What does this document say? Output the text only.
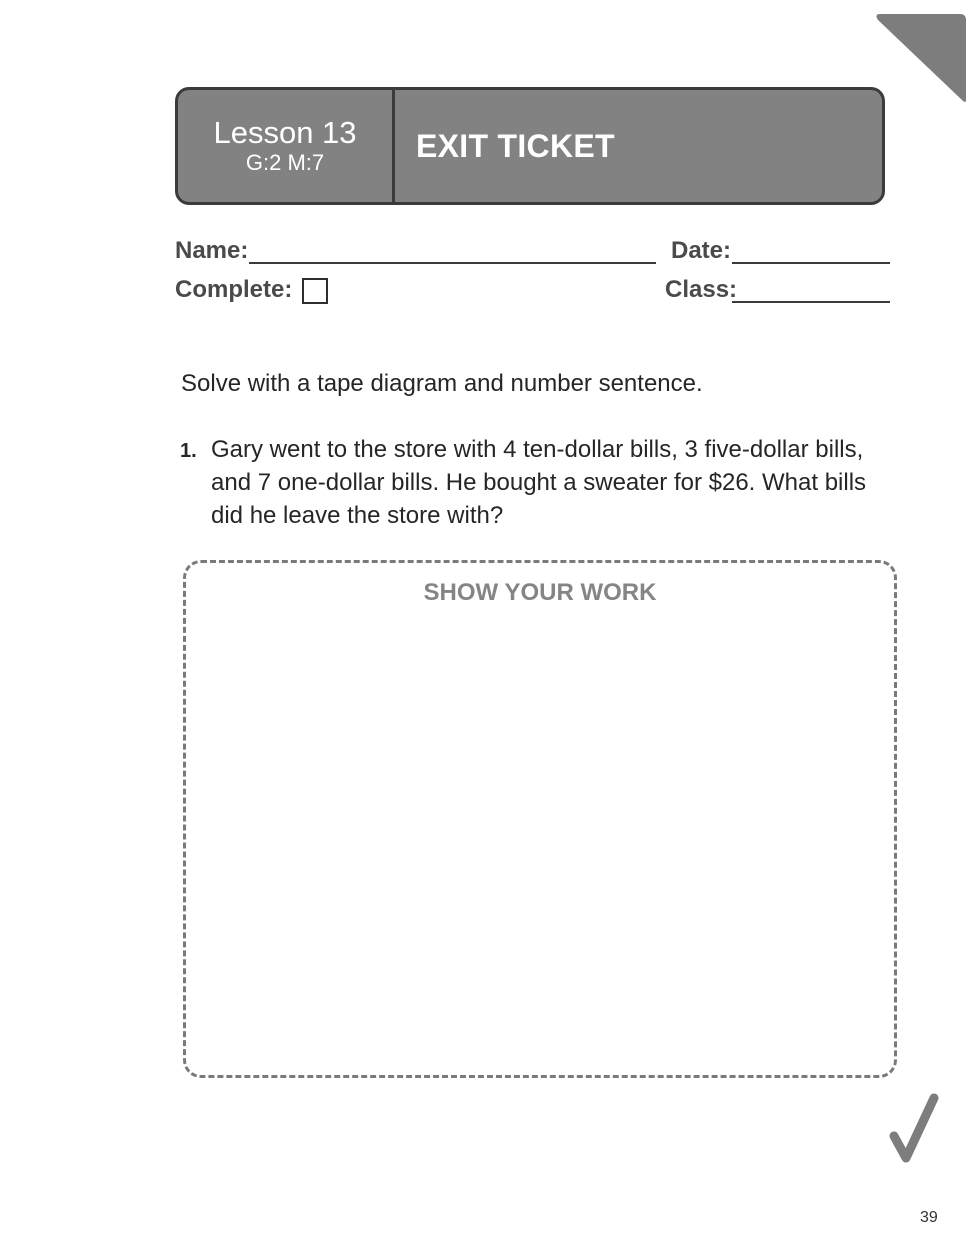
Lesson 13
G:2 M:7	EXIT TICKET
Name:	Date:
Complete:	Class:
Solve with a tape diagram and number sentence.
1. Gary went to the store with 4 ten-dollar bills, 3 five-dollar bills, and 7 one-dollar bills. He bought a sweater for $26. What bills did he leave the store with?
SHOW YOUR WORK
39
